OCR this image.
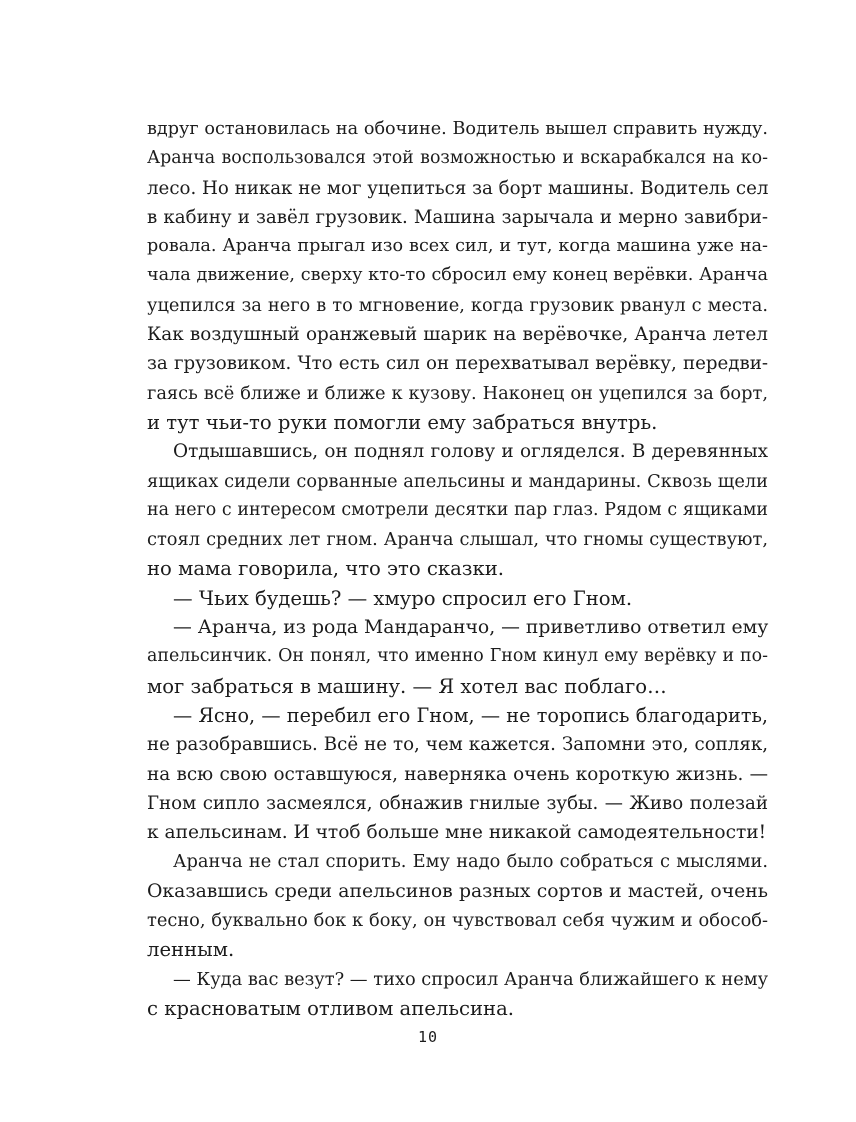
вдруг остановилась на обочине. Водитель вышел справить нужду.
Аранча воспользовался этой возможностью и вскарабкался на ко-
лесо. Но никак не мог уцепиться за борт машины. Водитель сел
в кабину и завёл грузовик. Машина зарычала и мерно завибри-
ровала. Аранча прыгал изо всех сил, и тут, когда машина уже на-
чала движение, сверху кто-то сбросил ему конец верёвки. Аранча
уцепился за него в то мгновение, когда грузовик рванул с места.
Как воздушный оранжевый шарик на верёвочке, Аранча летел
за грузовиком. Что есть сил он перехватывал верёвку, передви-
гаясь всё ближе и ближе к кузову. Наконец он уцепился за борт,
и тут чьи-то руки помогли ему забраться внутрь.
Отдышавшись, он поднял голову и огляделся. В деревянных
ящиках сидели сорванные апельсины и мандарины. Сквозь щели
на него с интересом смотрели десятки пар глаз. Рядом с ящиками
стоял средних лет гном. Аранча слышал, что гномы существуют,
но мама говорила, что это сказки.
— Чьих будешь? — хмуро спросил его Гном.
— Аранча, из рода Мандаранчо, — приветливо ответил ему
апельсинчик. Он понял, что именно Гном кинул ему верёвку и по-
мог забраться в машину. — Я хотел вас поблаго…
— Ясно, — перебил его Гном, — не торопись благодарить,
не разобравшись. Всё не то, чем кажется. Запомни это, сопляк,
на всю свою оставшуюся, наверняка очень короткую жизнь. —
Гном сипло засмеялся, обнажив гнилые зубы. — Живо полезай
к апельсинам. И чтоб больше мне никакой самодеятельности!
Аранча не стал спорить. Ему надо было собраться с мыслями.
Оказавшись среди апельсинов разных сортов и мастей, очень
тесно, буквально бок к боку, он чувствовал себя чужим и обособ-
ленным.
— Куда вас везут? — тихо спросил Аранча ближайшего к нему
с красноватым отливом апельсина.
10
